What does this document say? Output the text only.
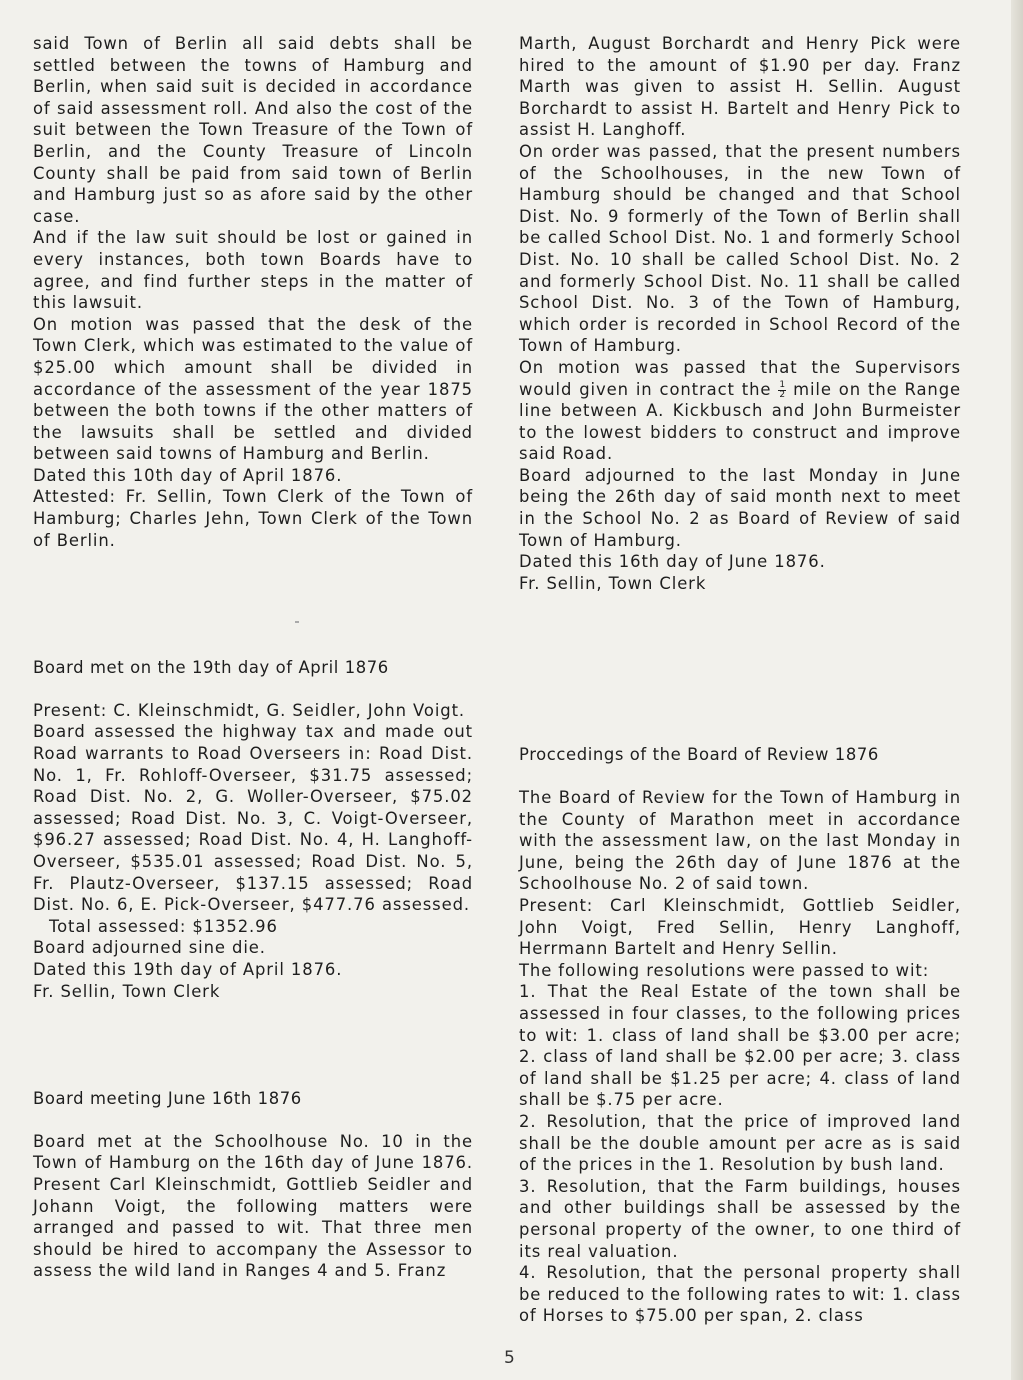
said Town of Berlin all said debts shall be settled between the towns of Hamburg and Berlin, when said suit is decided in accordance of said assessment roll. And also the cost of the suit between the Town Treasure of the Town of Berlin, and the County Treasure of Lincoln County shall be paid from said town of Berlin and Hamburg just so as afore said by the other case.

And if the law suit should be lost or gained in every instances, both town Boards have to agree, and find further steps in the matter of this lawsuit.

On motion was passed that the desk of the Town Clerk, which was estimated to the value of $25.00 which amount shall be divided in accordance of the assessment of the year 1875 between the both towns if the other matters of the lawsuits shall be settled and divided between said towns of Hamburg and Berlin.

Dated this 10th day of April 1876.

Attested: Fr. Sellin, Town Clerk of the Town of Hamburg; Charles Jehn, Town Clerk of the Town of Berlin.

Board met on the 19th day of April 1876

Present: C. Kleinschmidt, G. Seidler, John Voigt.

Board assessed the highway tax and made out Road warrants to Road Overseers in: Road Dist. No. 1, Fr. Rohloff-Overseer, $31.75 assessed; Road Dist. No. 2, G. Woller-Overseer, $75.02 assessed; Road Dist. No. 3, C. Voigt-Overseer, $96.27 assessed; Road Dist. No. 4, H. Langhoff-Overseer, $535.01 assessed; Road Dist. No. 5, Fr. Plautz-Overseer, $137.15 assessed; Road Dist. No. 6, E. Pick-Overseer, $477.76 assessed.

Total assessed: $1352.96

Board adjourned sine die.

Dated this 19th day of April 1876.

Fr. Sellin, Town Clerk

Board meeting June 16th 1876

Board met at the Schoolhouse No. 10 in the Town of Hamburg on the 16th day of June 1876. Present Carl Kleinschmidt, Gottlieb Seidler and Johann Voigt, the following matters were arranged and passed to wit. That three men should be hired to accompany the Assessor to assess the wild land in Ranges 4 and 5. Franz

Marth, August Borchardt and Henry Pick were hired to the amount of $1.90 per day. Franz Marth was given to assist H. Sellin. August Borchardt to assist H. Bartelt and Henry Pick to assist H. Langhoff.

On order was passed, that the present numbers of the Schoolhouses, in the new Town of Hamburg should be changed and that School Dist. No. 9 formerly of the Town of Berlin shall be called School Dist. No. 1 and formerly School Dist. No. 10 shall be called School Dist. No. 2 and formerly School Dist. No. 11 shall be called School Dist. No. 3 of the Town of Hamburg, which order is recorded in School Record of the Town of Hamburg.

On motion was passed that the Supervisors would given in contract the $\frac{1}{2}$ mile on the Range line between A. Kickbusch and John Burmeister to the lowest bidders to construct and improve said Road.

Board adjourned to the last Monday in June being the 26th day of said month next to meet in the School No. 2 as Board of Review of said Town of Hamburg.

Dated this 16th day of June 1876.

Fr. Sellin, Town Clerk

Proccedings of the Board of Review 1876

The Board of Review for the Town of Hamburg in the County of Marathon meet in accordance with the assessment law, on the last Monday in June, being the 26th day of June 1876 at the Schoolhouse No. 2 of said town.

Present: Carl Kleinschmidt, Gottlieb Seidler, John Voigt, Fred Sellin, Henry Langhoff, Herrmann Bartelt and Henry Sellin.

The following resolutions were passed to wit:

1. That the Real Estate of the town shall be assessed in four classes, to the following prices to wit: 1. class of land shall be $3.00 per acre; 2. class of land shall be $2.00 per acre; 3. class of land shall be $1.25 per acre; 4. class of land shall be $.75 per acre.

2. Resolution, that the price of improved land shall be the double amount per acre as is said of the prices in the 1. Resolution by bush land.

3. Resolution, that the Farm buildings, houses and other buildings shall be assessed by the personal property of the owner, to one third of its real valuation.

4. Resolution, that the personal property shall be reduced to the following rates to wit: 1. class of Horses to $75.00 per span, 2. class

5
